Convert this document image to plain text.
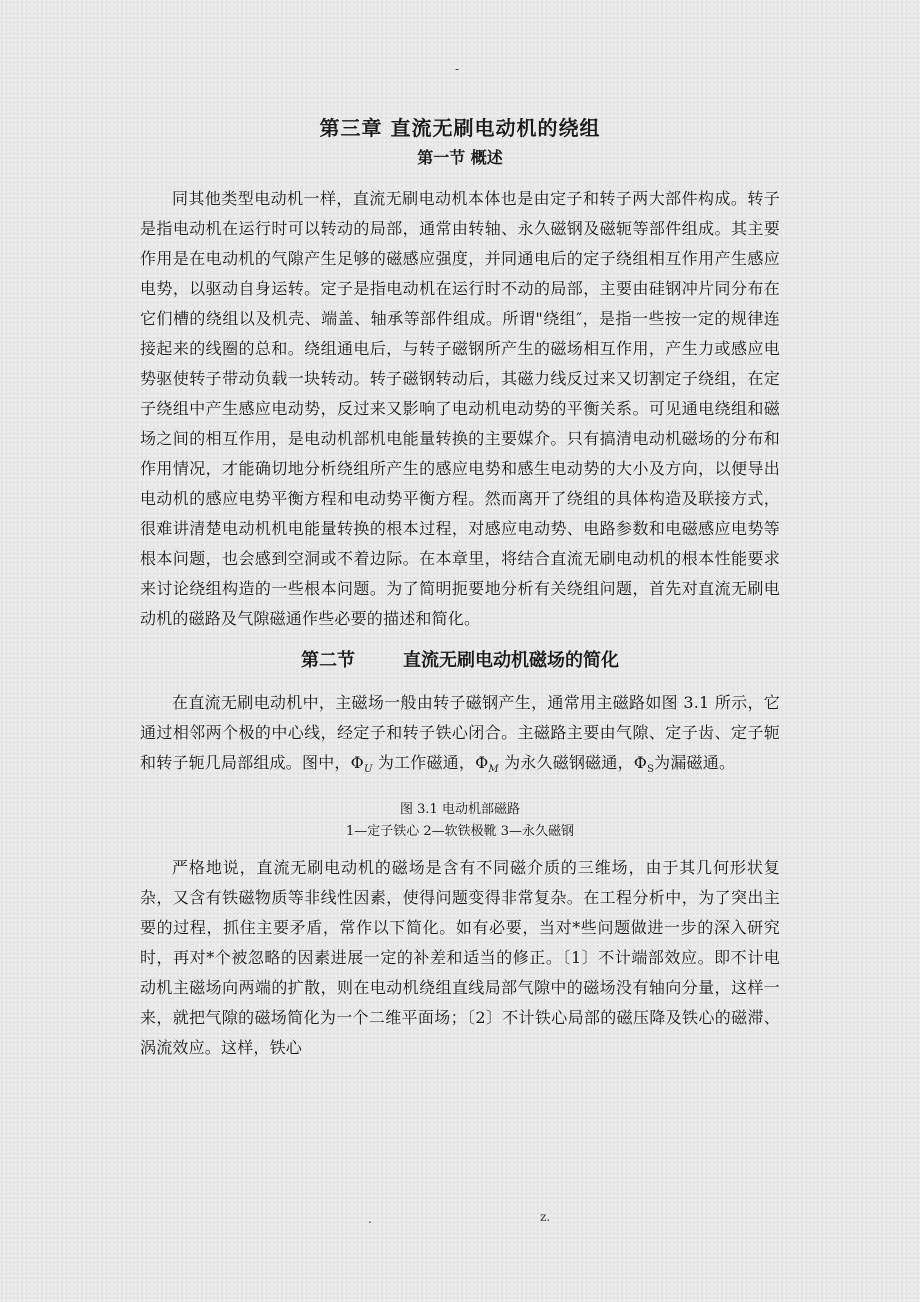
-
第三章 直流无刷电动机的绕组
第一节 概述

同其他类型电动机一样，直流无刷电动机本体也是由定子和转子两大部件构成。转子是指电动机在运行时可以转动的局部，通常由转轴、永久磁钢及磁轭等部件组成。其主要作用是在电动机的气隙产生足够的磁感应强度，并同通电后的定子绕组相互作用产生感应电势，以驱动自身运转。定子是指电动机在运行时不动的局部，主要由硅钢冲片同分布在它们槽的绕组以及机壳、端盖、轴承等部件组成。所谓"绕组″，是指一些按一定的规律连接起来的线圈的总和。绕组通电后，与转子磁钢所产生的磁场相互作用，产生力或感应电势驱使转子带动负载一块转动。转子磁钢转动后，其磁力线反过来又切割定子绕组，在定子绕组中产生感应电动势，反过来又影响了电动机电动势的平衡关系。可见通电绕组和磁场之间的相互作用，是电动机部机电能量转换的主要媒介。只有搞清电动机磁场的分布和作用情况，才能确切地分析绕组所产生的感应电势和感生电动势的大小及方向，以便导出电动机的感应电势平衡方程和电动势平衡方程。然而离开了绕组的具体构造及联接方式，很难讲清楚电动机机电能量转换的根本过程，对感应电动势、电路参数和电磁感应电势等根本问题，也会感到空洞或不着边际。在本章里，将结合直流无刷电动机的根本性能要求来讨论绕组构造的一些根本问题。为了简明扼要地分析有关绕组问题，首先对直流无刷电动机的磁路及气隙磁通作些必要的描述和简化。

第二节	直流无刷电动机磁场的简化

在直流无刷电动机中，主磁场一般由转子磁钢产生，通常用主磁路如图 3.1 所示，它通过相邻两个极的中心线，经定子和转子铁心闭合。主磁路主要由气隙、定子齿、定子轭和转子轭几局部组成。图中，$\Phi_U$ 为工作磁通，$\Phi_M$ 为永久磁钢磁通，$\Phi_S$为漏磁通。

图 3.1 电动机部磁路
1—定子铁心 2—软铁极靴 3—永久磁钢

严格地说，直流无刷电动机的磁场是含有不同磁介质的三维场，由于其几何形状复杂，又含有铁磁物质等非线性因素，使得问题变得非常复杂。在工程分析中，为了突出主要的过程，抓住主要矛盾，常作以下简化。如有必要，当对*些问题做进一步的深入研究时，再对*个被忽略的因素进展一定的补差和适当的修正。〔1〕不计端部效应。即不计电动机主磁场向两端的扩散，则在电动机绕组直线局部气隙中的磁场没有轴向分量，这样一来，就把气隙的磁场简化为一个二维平面场；〔2〕不计铁心局部的磁压降及铁心的磁滞、涡流效应。这样，铁心

.	z.
